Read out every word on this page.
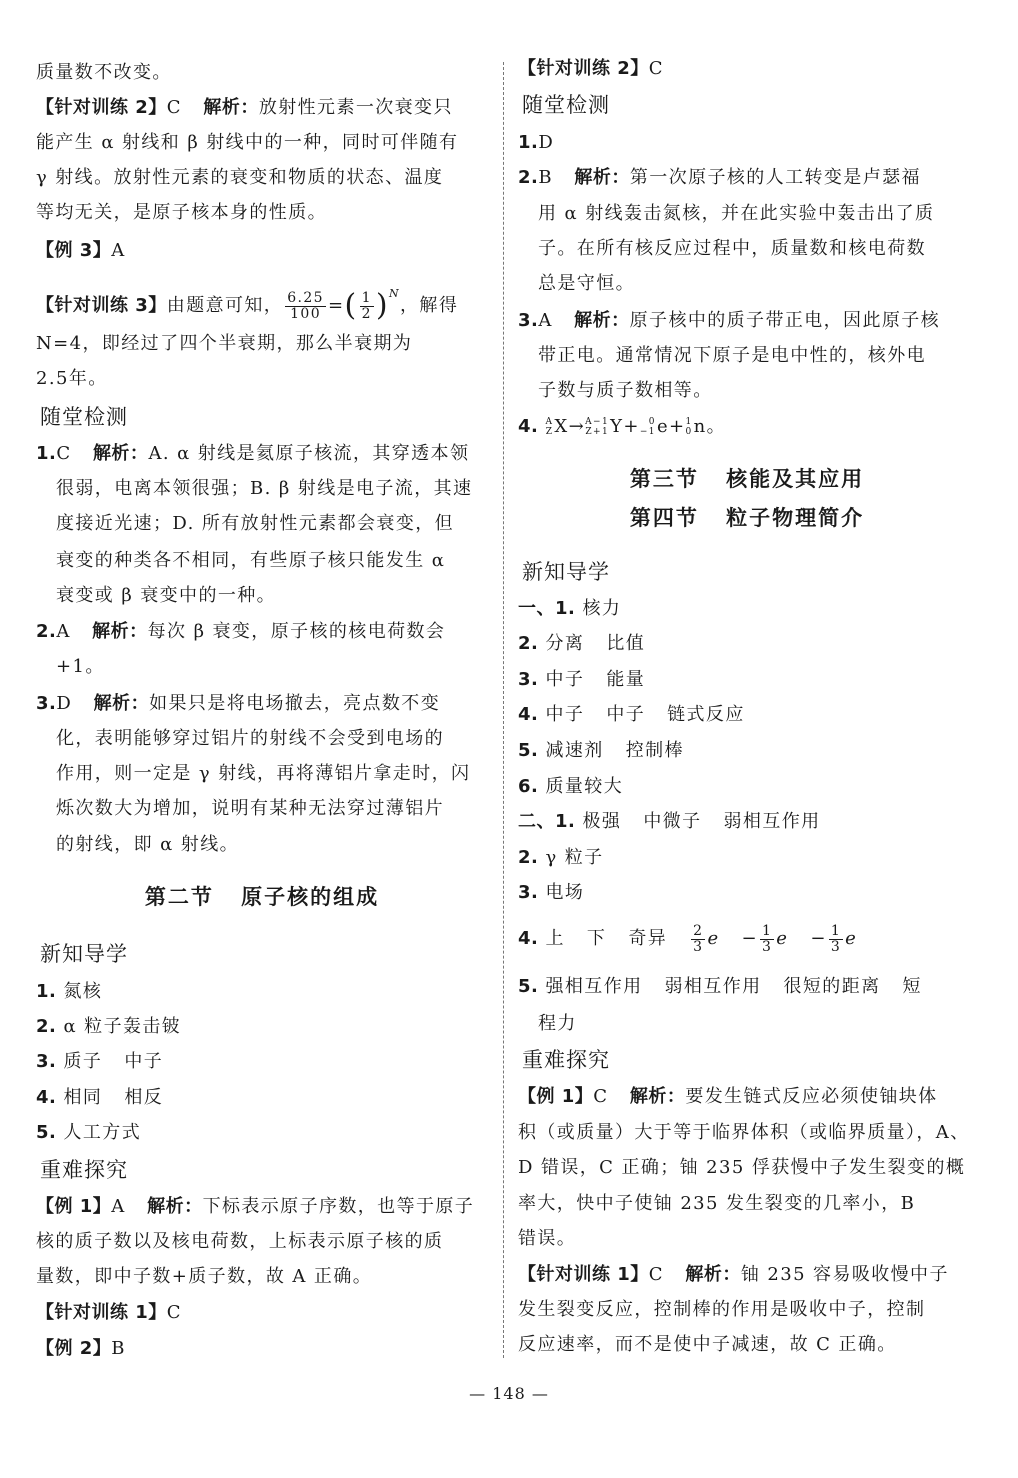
质量数不改变。
【针对训练 2】C 解析：放射性元素一次衰变只
能产生 α 射线和 β 射线中的一种，同时可伴随有
γ 射线。放射性元素的衰变和物质的状态、温度
等均无关，是原子核本身的性质。
【例 3】A
【针对训练 3】由题意可知， $\frac{6.25}{100}$ =( $\frac{1}{2} )^N$，解得
N=4，即经过了四个半衰期，那么半衰期为
2.5年。
随堂检测
1.C 解析：A. α 射线是氦原子核流，其穿透本领
很弱，电离本领很强；B. β 射线是电子流，其速
度接近光速；D. 所有放射性元素都会衰变，但
衰变的种类各不相同，有些原子核只能发生 α
衰变或 β 衰变中的一种。
2.A 解析：每次 β 衰变，原子核的核电荷数会
+1。
3.D 解析：如果只是将电场撤去，亮点数不变
化，表明能够穿过铝片的射线不会受到电场的
作用，则一定是 γ 射线，再将薄铝片拿走时，闪
烁次数大为增加，说明有某种无法穿过薄铝片
的射线，即 α 射线。
第二节 原子核的组成
新知导学
1. 氮核
2. α 粒子轰击铍
3. 质子 中子
4. 相同 相反
5. 人工方式
重难探究
【例 1】A 解析：下标表示原子序数，也等于原子
核的质子数以及核电荷数，上标表示原子核的质
量数，即中子数+质子数，故 A 正确。
【针对训练 1】C
【例 2】B
【针对训练 2】C
随堂检测
1.D
2.B 解析：第一次原子核的人工转变是卢瑟福
用 α 射线轰击氮核，并在此实验中轰击出了质
子。在所有核反应过程中，质量数和核电荷数
总是守恒。
3.A 解析：原子核中的质子带正电，因此原子核
带正电。通常情况下原子是电中性的，核外电
子数与质子数相等。
4. A
Z X→ A−1
Z+1 Y+ 0
−1 e+ 1
0 n。
第三节 核能及其应用
第四节 粒子物理简介
新知导学
一、1. 核力
2. 分离 比值
3. 中子 能量
4. 中子 中子 链式反应
5. 减速剂 控制棒
6. 质量较大
二、1. 极强 中微子 弱相互作用
2. γ 粒子
3. 电场
4. 上 下 奇异 $\frac{2}{3}$ $e - \frac{1}{3}$ $e - \frac{1}{3}$ e
5. 强相互作用 弱相互作用 很短的距离 短
程力
重难探究
【例 1】C 解析：要发生链式反应必须使铀块体
积（或质量）大于等于临界体积（或临界质量），A、
D 错误，C 正确；铀 235 俘获慢中子发生裂变的概
率大，快中子使铀 235 发生裂变的几率小，B
错误。
【针对训练 1】C 解析：铀 235 容易吸收慢中子
发生裂变反应，控制棒的作用是吸收中子，控制
反应速率，而不是使中子减速，故 C 正确。
— 148 —
